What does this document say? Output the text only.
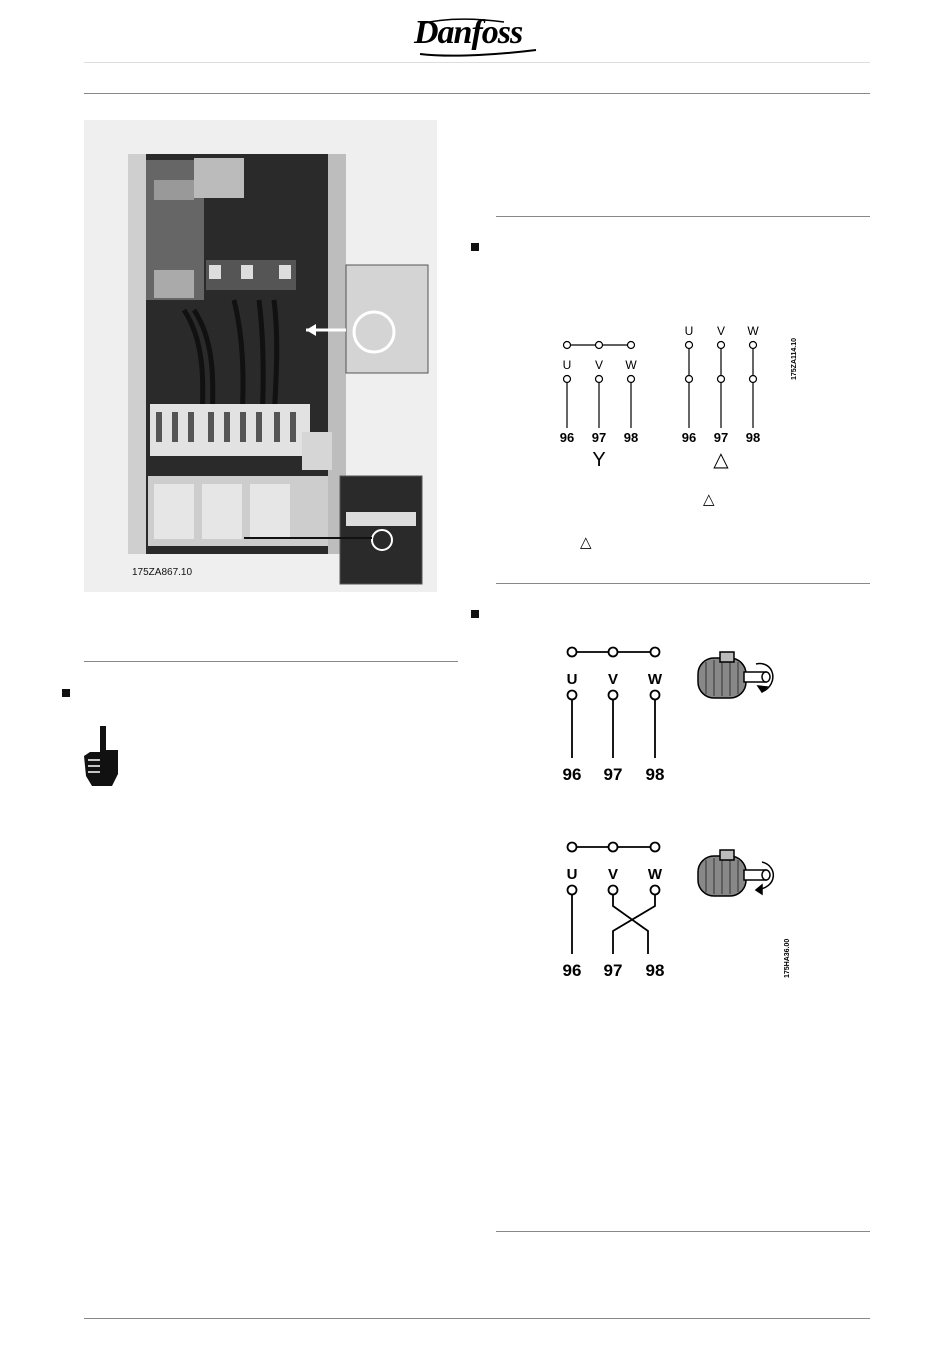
Danfoss
175ZA867.10
U V W
U V W
96 97 98	96 97 98
Y	△
175ZA114.10
△
△
U V W
U V W
96 97 98
96 97 98	175HA36.00
